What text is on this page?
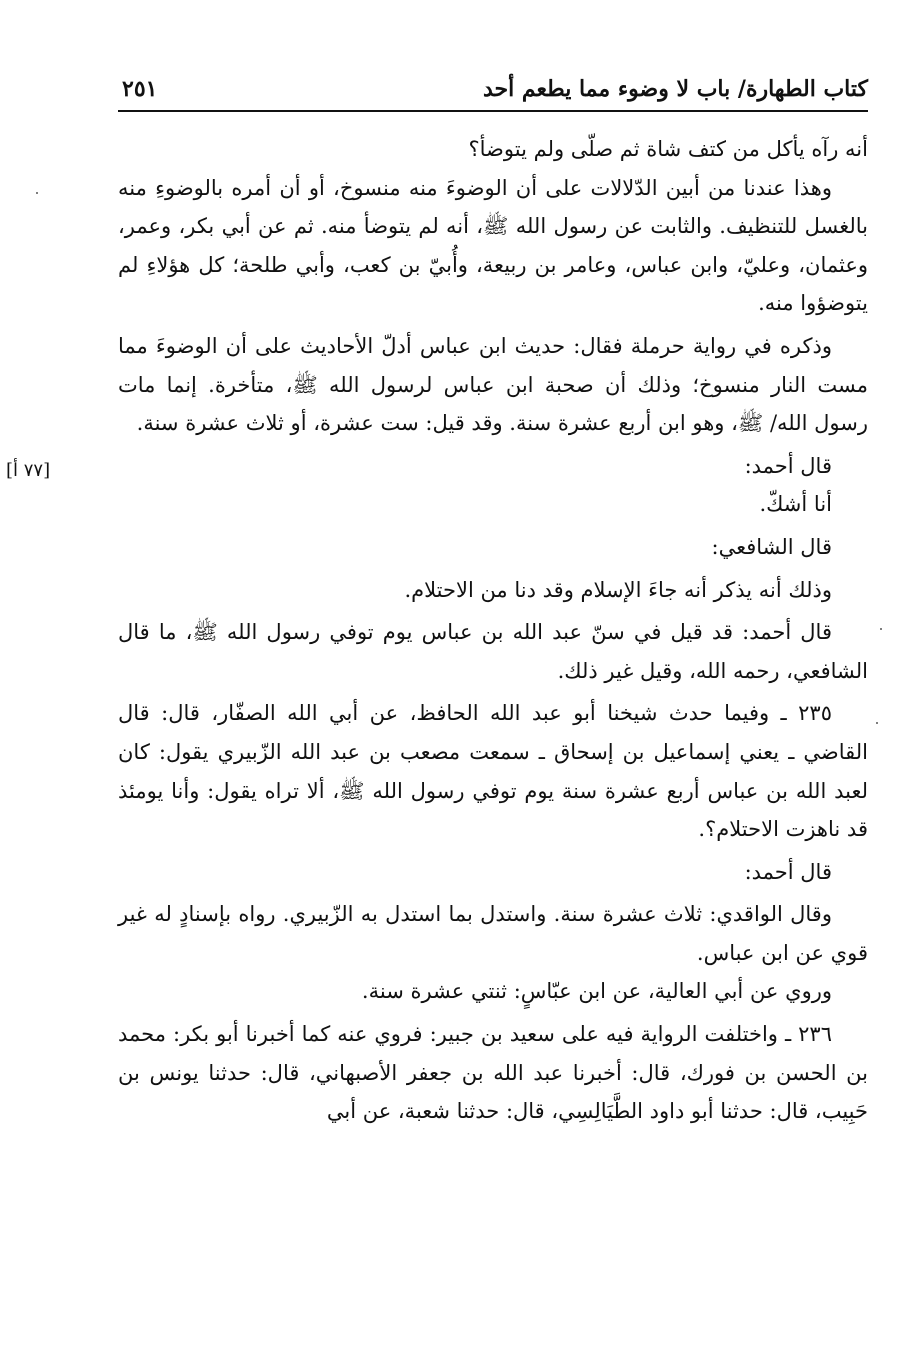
كتاب الطهارة/ باب لا وضوء مما يطعم أحد
٢٥١

أنه رآه يأكل من كتف شاة ثم صلّى ولم يتوضأ؟

وهذا عندنا من أبين الدّلالات على أن الوضوءَ منه منسوخ، أو أن أمره بالوضوءِ منه بالغسل للتنظيف. والثابت عن رسول الله ﷺ، أنه لم يتوضأ منه. ثم عن أبي بكر، وعمر، وعثمان، وعليّ، وابن عباس، وعامر بن ربيعة، وأُبيّ بن كعب، وأبي طلحة؛ كل هؤلاءِ لم يتوضؤوا منه.

وذكره في رواية حرملة فقال: حديث ابن عباس أدلّ الأحاديث على أن الوضوءَ مما مست النار منسوخ؛ وذلك أن صحبة ابن عباس لرسول الله ﷺ، متأخرة. إنما مات رسول الله/ ﷺ، وهو ابن أربع عشرة سنة. وقد قيل: ست عشرة، أو ثلاث عشرة سنة.

قال أحمد:

أنا أشكّ.

قال الشافعي:

وذلك أنه يذكر أنه جاءَ الإسلام وقد دنا من الاحتلام.

قال أحمد: قد قيل في سنّ عبد الله بن عباس يوم توفي رسول الله ﷺ، ما قال الشافعي، رحمه الله، وقيل غير ذلك.

٢٣٥ ـ وفيما حدث شيخنا أبو عبد الله الحافظ، عن أبي الله الصفّار، قال: قال القاضي ـ يعني إسماعيل بن إسحاق ـ سمعت مصعب بن عبد الله الزّبيري يقول: كان لعبد الله بن عباس أربع عشرة سنة يوم توفي رسول الله ﷺ، ألا تراه يقول: وأنا يومئذ قد ناهزت الاحتلام؟.

قال أحمد:

وقال الواقدي: ثلاث عشرة سنة. واستدل بما استدل به الزّبيري. رواه بإسنادٍ له غير قوي عن ابن عباس.

وروي عن أبي العالية، عن ابن عبّاسٍ: ثنتي عشرة سنة.

٢٣٦ ـ واختلفت الرواية فيه على سعيد بن جبير: فروي عنه كما أخبرنا أبو بكر: محمد بن الحسن بن فورك، قال: أخبرنا عبد الله بن جعفر الأصبهاني، قال: حدثنا يونس بن حَبِيب، قال: حدثنا أبو داود الطَّيَالِسِي، قال: حدثنا شعبة، عن أبي

[٧٧ أ]
